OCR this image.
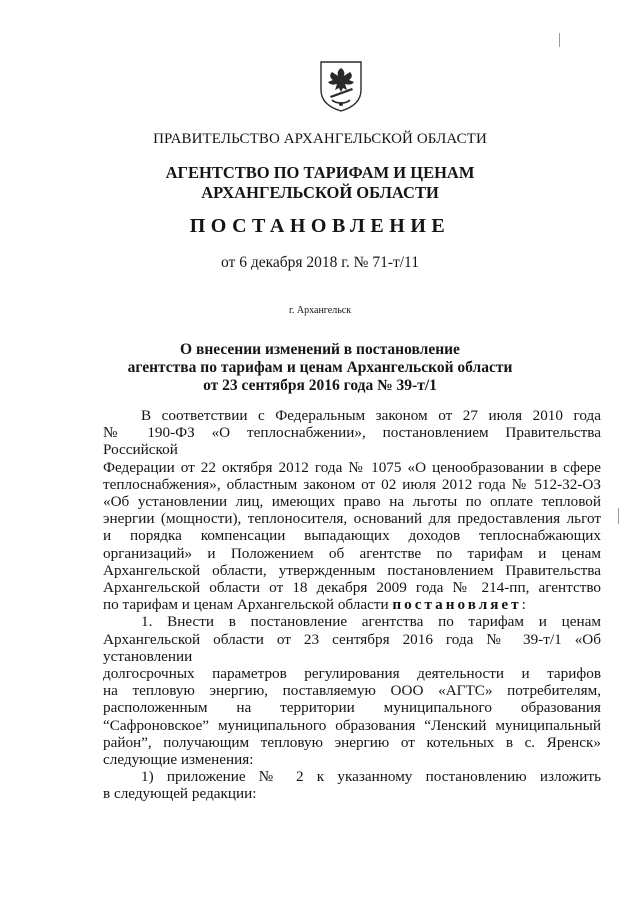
ПРАВИТЕЛЬСТВО АРХАНГЕЛЬСКОЙ ОБЛАСТИ
АГЕНТСТВО ПО ТАРИФАМ И ЦЕНАМ
АРХАНГЕЛЬСКОЙ ОБЛАСТИ
ПОСТАНОВЛЕНИЕ
от 6 декабря 2018 г. № 71-т/11
г. Архангельск
О внесении изменений в постановление
агентства по тарифам и ценам Архангельской области
от 23 сентября 2016 года № 39-т/1

В соответствии с Федеральным законом от 27 июля 2010 года
№ 190-ФЗ «О теплоснабжении», постановлением Правительства Российской
Федерации от 22 октября 2012 года № 1075 «О ценообразовании в сфере
теплоснабжения», областным законом от 02 июля 2012 года № 512-32-ОЗ
«Об установлении лиц, имеющих право на льготы по оплате тепловой
энергии (мощности), теплоносителя, оснований для предоставления льгот
и порядка компенсации выпадающих доходов теплоснабжающих
организаций» и Положением об агентстве по тарифам и ценам
Архангельской области, утвержденным постановлением Правительства
Архангельской области от 18 декабря 2009 года № 214-пп, агентство
по тарифам и ценам Архангельской области постановляет:

1. Внести в постановление агентства по тарифам и ценам
Архангельской области от 23 сентября 2016 года № 39-т/1 «Об установлении
долгосрочных параметров регулирования деятельности и тарифов
на тепловую энергию, поставляемую ООО «АГТС» потребителям,
расположенным на территории муниципального образования
“Сафроновское” муниципального образования “Ленский муниципальный
район”, получающим тепловую энергию от котельных в с. Яренск»
следующие изменения:

1) приложение № 2 к указанному постановлению изложить
в следующей редакции:
